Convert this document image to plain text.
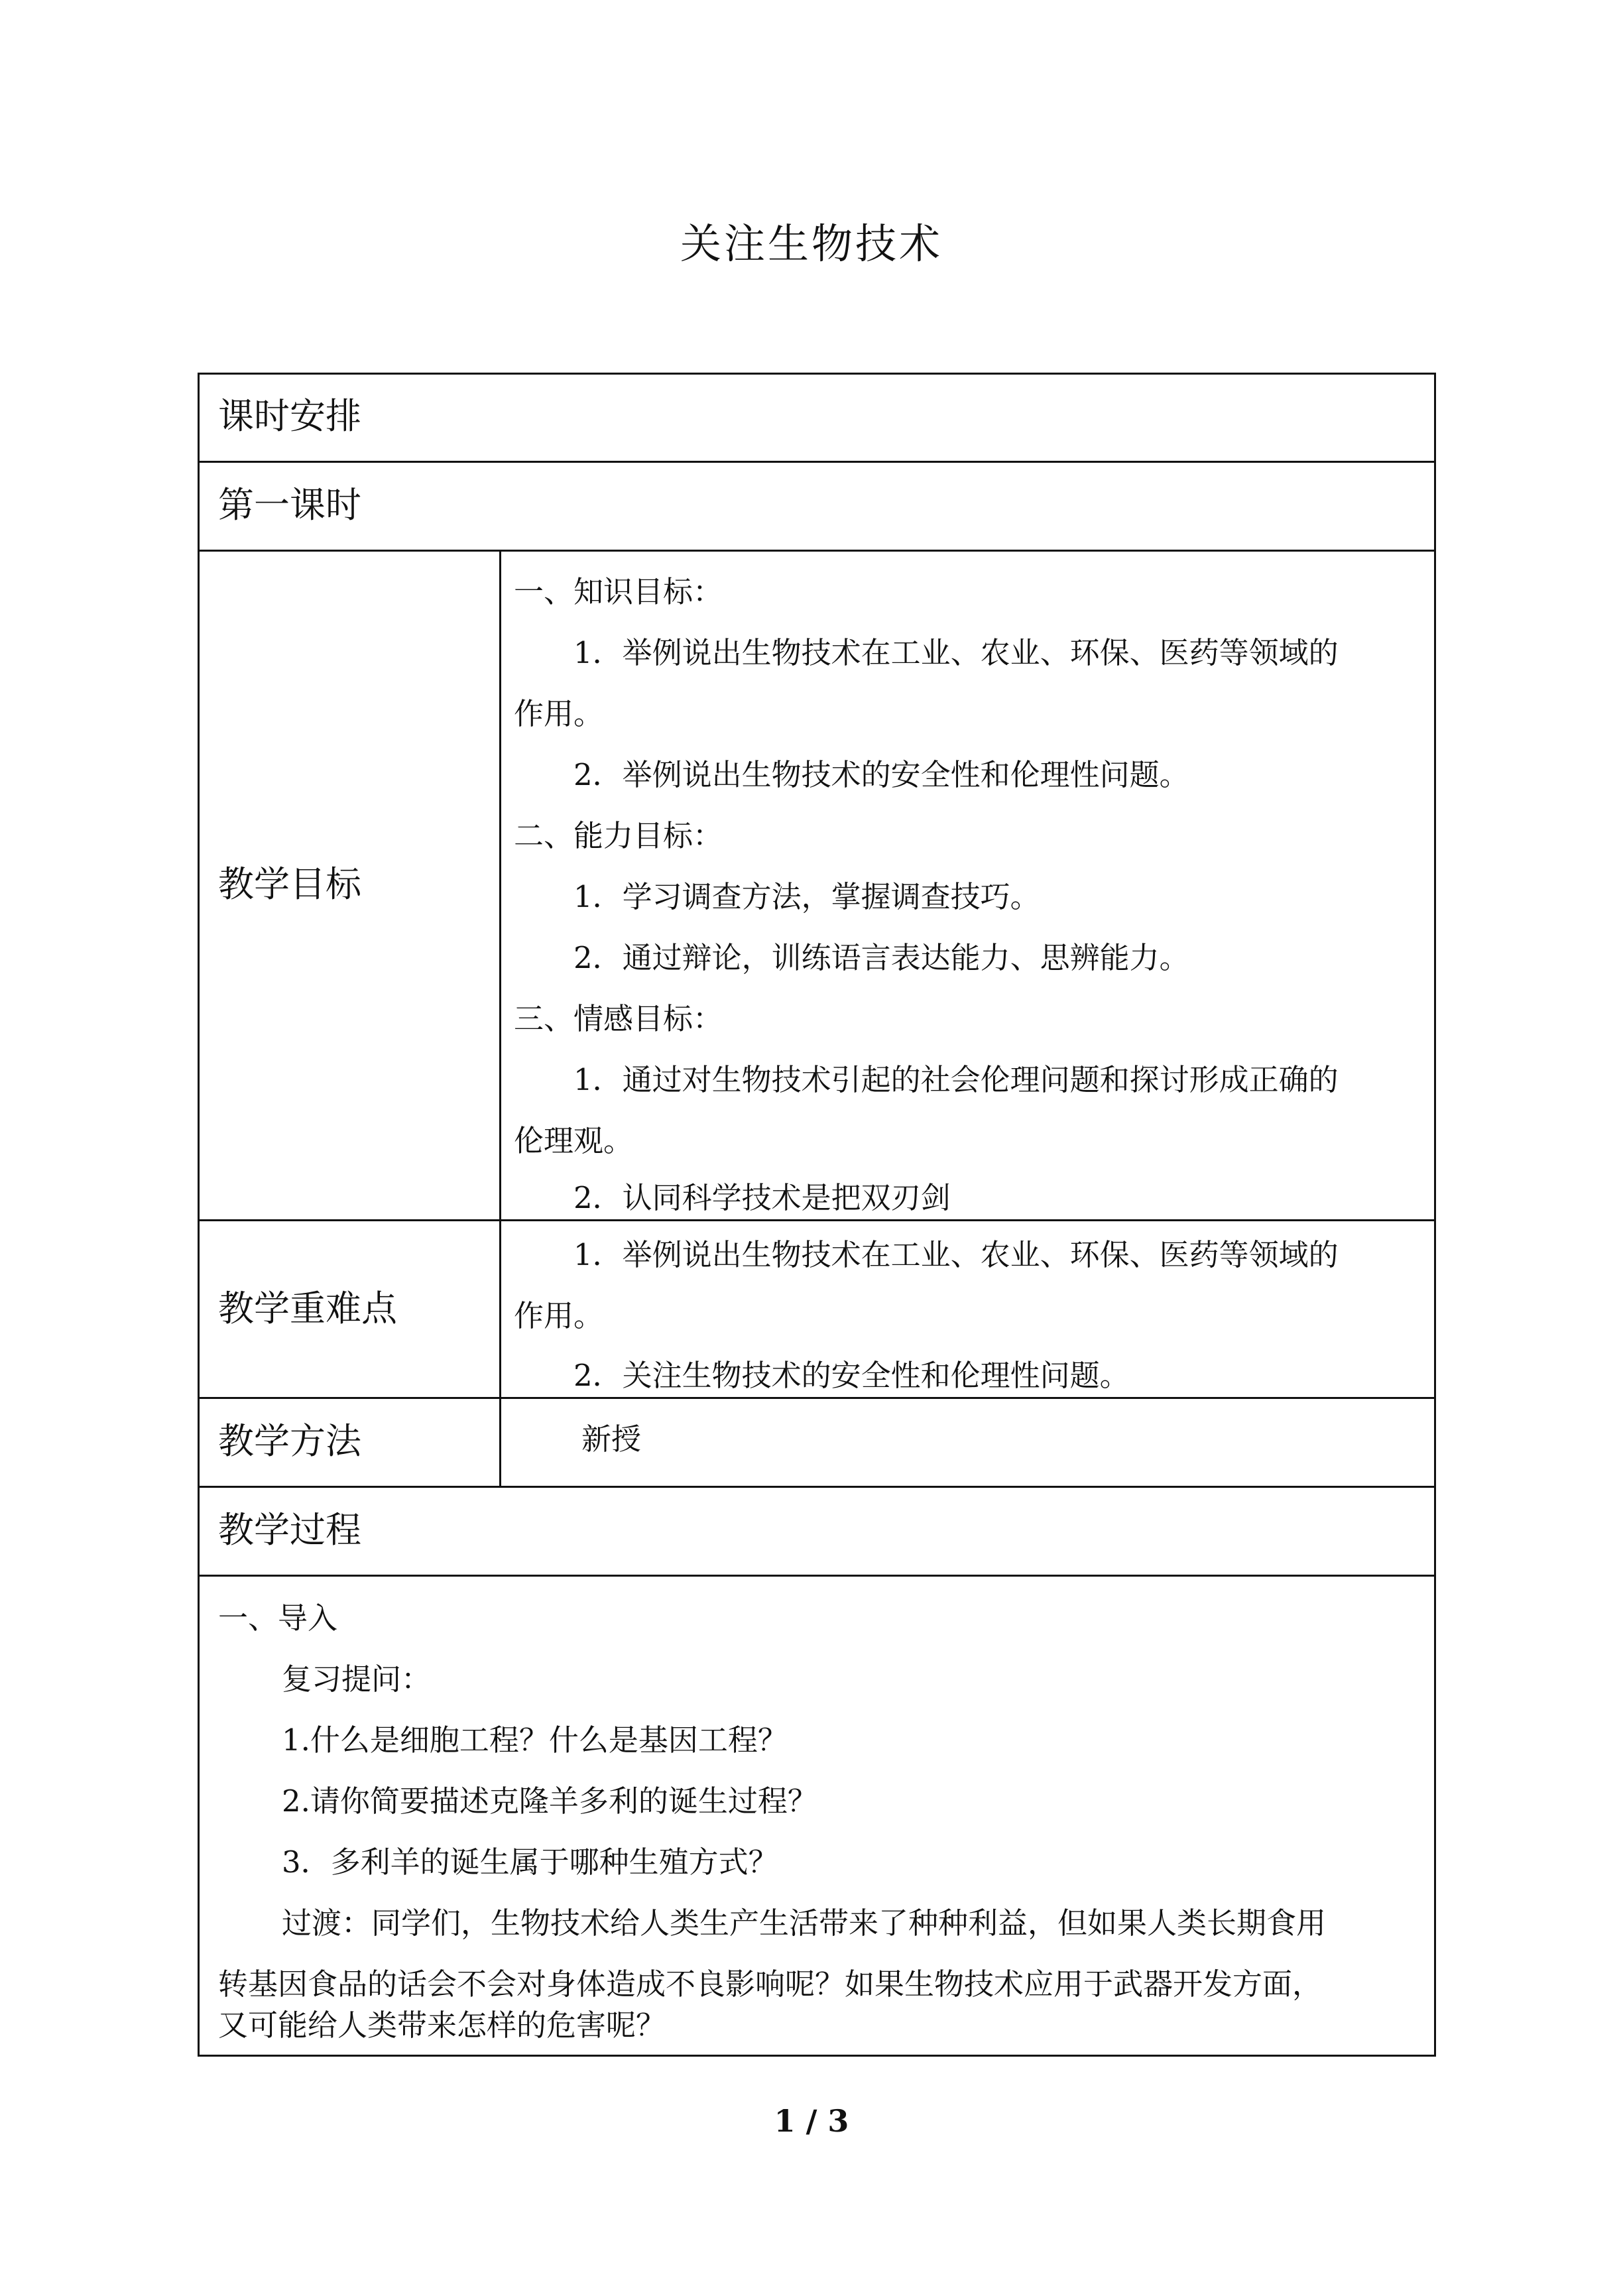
关注生物技术
课时安排
第一课时
教学目标
教学重难点
教学方法
教学过程
一、知识目标：
1．举例说出生物技术在工业、农业、环保、医药等领域的
作用。
2．举例说出生物技术的安全性和伦理性问题。
二、能力目标：
1．学习调查方法，掌握调查技巧。
2．通过辩论，训练语言表达能力、思辨能力。
三、情感目标：
1．通过对生物技术引起的社会伦理问题和探讨形成正确的
伦理观。
2．认同科学技术是把双刃剑
1．举例说出生物技术在工业、农业、环保、医药等领域的
作用。
2．关注生物技术的安全性和伦理性问题。
新授
一、导入
复习提问：
1.什么是细胞工程？什么是基因工程？
2.请你简要描述克隆羊多利的诞生过程？
3．多利羊的诞生属于哪种生殖方式？
过渡：同学们，生物技术给人类生产生活带来了种种利益，但如果人类长期食用
转基因食品的话会不会对身体造成不良影响呢？如果生物技术应用于武器开发方面，
又可能给人类带来怎样的危害呢？
1 / 3
